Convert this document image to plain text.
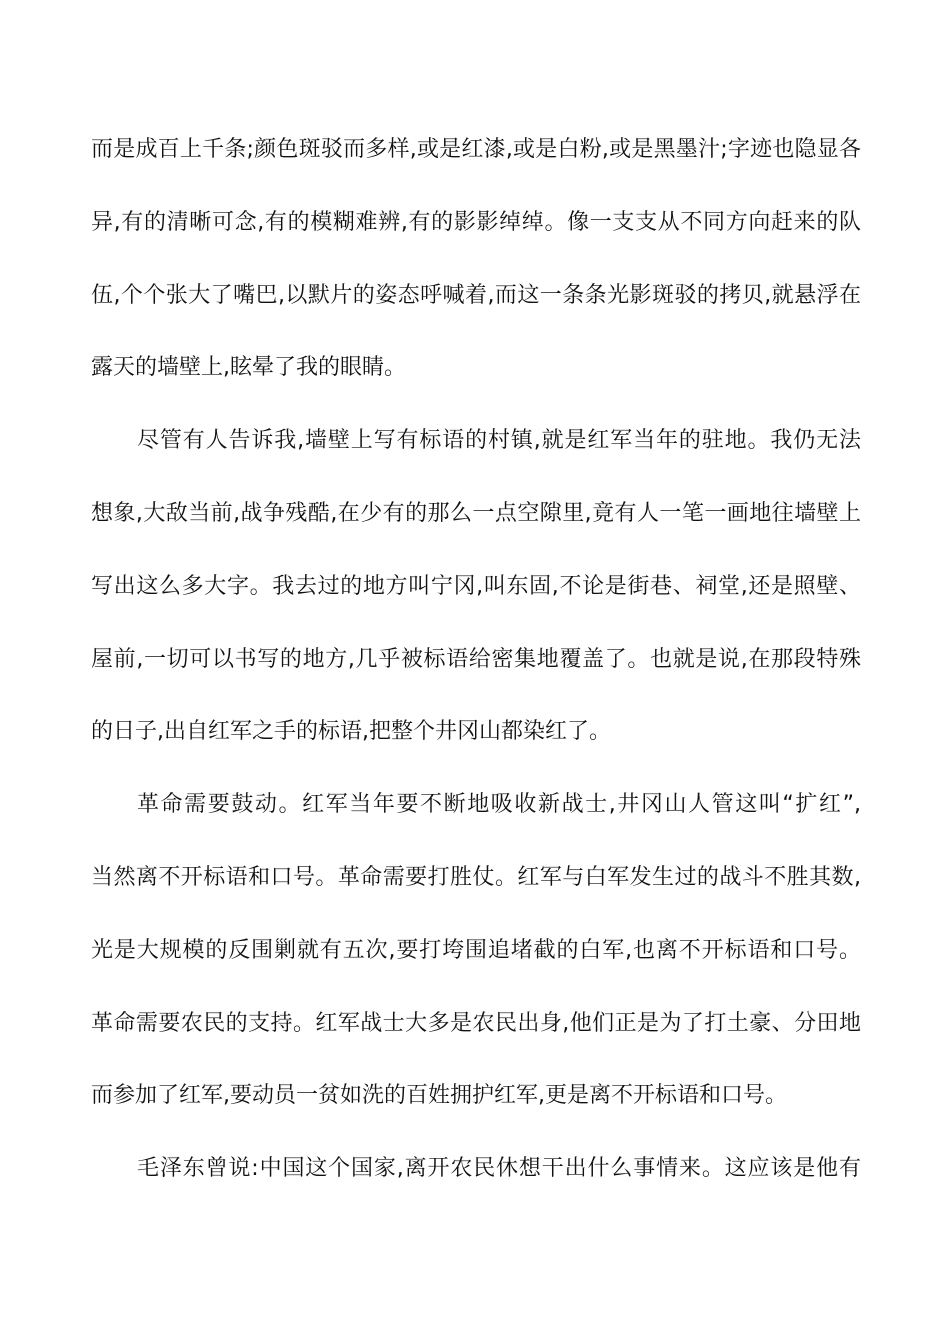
而是成百上千条;颜色斑驳而多样,或是红漆,或是白粉,或是黑墨汁;字迹也隐显各
异,有的清晰可念,有的模糊难辨,有的影影绰绰。像一支支从不同方向赶来的队
伍,个个张大了嘴巴,以默片的姿态呼喊着,而这一条条光影斑驳的拷贝,就悬浮在
露天的墙壁上,眩晕了我的眼睛。
尽管有人告诉我,墙壁上写有标语的村镇,就是红军当年的驻地。我仍无法
想象,大敌当前,战争残酷,在少有的那么一点空隙里,竟有人一笔一画地往墙壁上
写出这么多大字。我去过的地方叫宁冈,叫东固,不论是街巷、祠堂,还是照壁、
屋前,一切可以书写的地方,几乎被标语给密集地覆盖了。也就是说,在那段特殊
的日子,出自红军之手的标语,把整个井冈山都染红了。
革命需要鼓动。红军当年要不断地吸收新战士,井冈山人管这叫“扩红”,
当然离不开标语和口号。革命需要打胜仗。红军与白军发生过的战斗不胜其数,
光是大规模的反围剿就有五次,要打垮围追堵截的白军,也离不开标语和口号。
革命需要农民的支持。红军战士大多是农民出身,他们正是为了打土豪、分田地
而参加了红军,要动员一贫如洗的百姓拥护红军,更是离不开标语和口号。
毛泽东曾说:中国这个国家,离开农民休想干出什么事情来。这应该是他有
